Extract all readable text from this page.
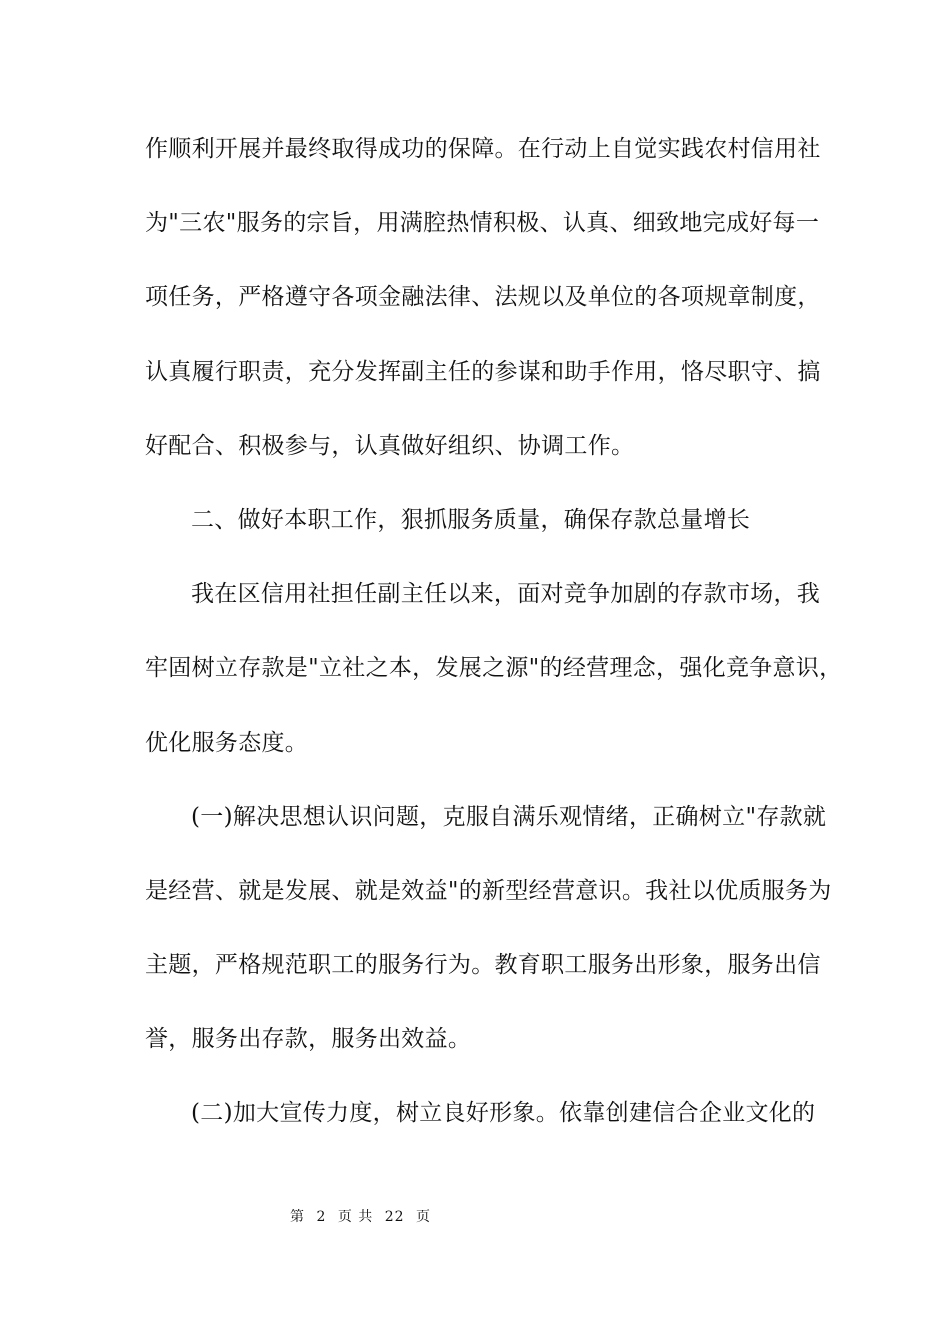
作顺利开展并最终取得成功的保障。在行动上自觉实践农村信用社
为"三农"服务的宗旨，用满腔热情积极、认真、细致地完成好每一
项任务，严格遵守各项金融法律、法规以及单位的各项规章制度，
认真履行职责，充分发挥副主任的参谋和助手作用，恪尽职守、搞
好配合、积极参与，认真做好组织、协调工作。
二、做好本职工作，狠抓服务质量，确保存款总量增长
我在区信用社担任副主任以来，面对竞争加剧的存款市场，我
牢固树立存款是"立社之本，发展之源"的经营理念，强化竞争意识，
优化服务态度。
(一)解决思想认识问题，克服自满乐观情绪，正确树立"存款就
是经营、就是发展、就是效益"的新型经营意识。我社以优质服务为
主题，严格规范职工的服务行为。教育职工服务出形象，服务出信
誉，服务出存款，服务出效益。
(二)加大宣传力度，树立良好形象。依靠创建信合企业文化的
第 2 页 共 22 页
